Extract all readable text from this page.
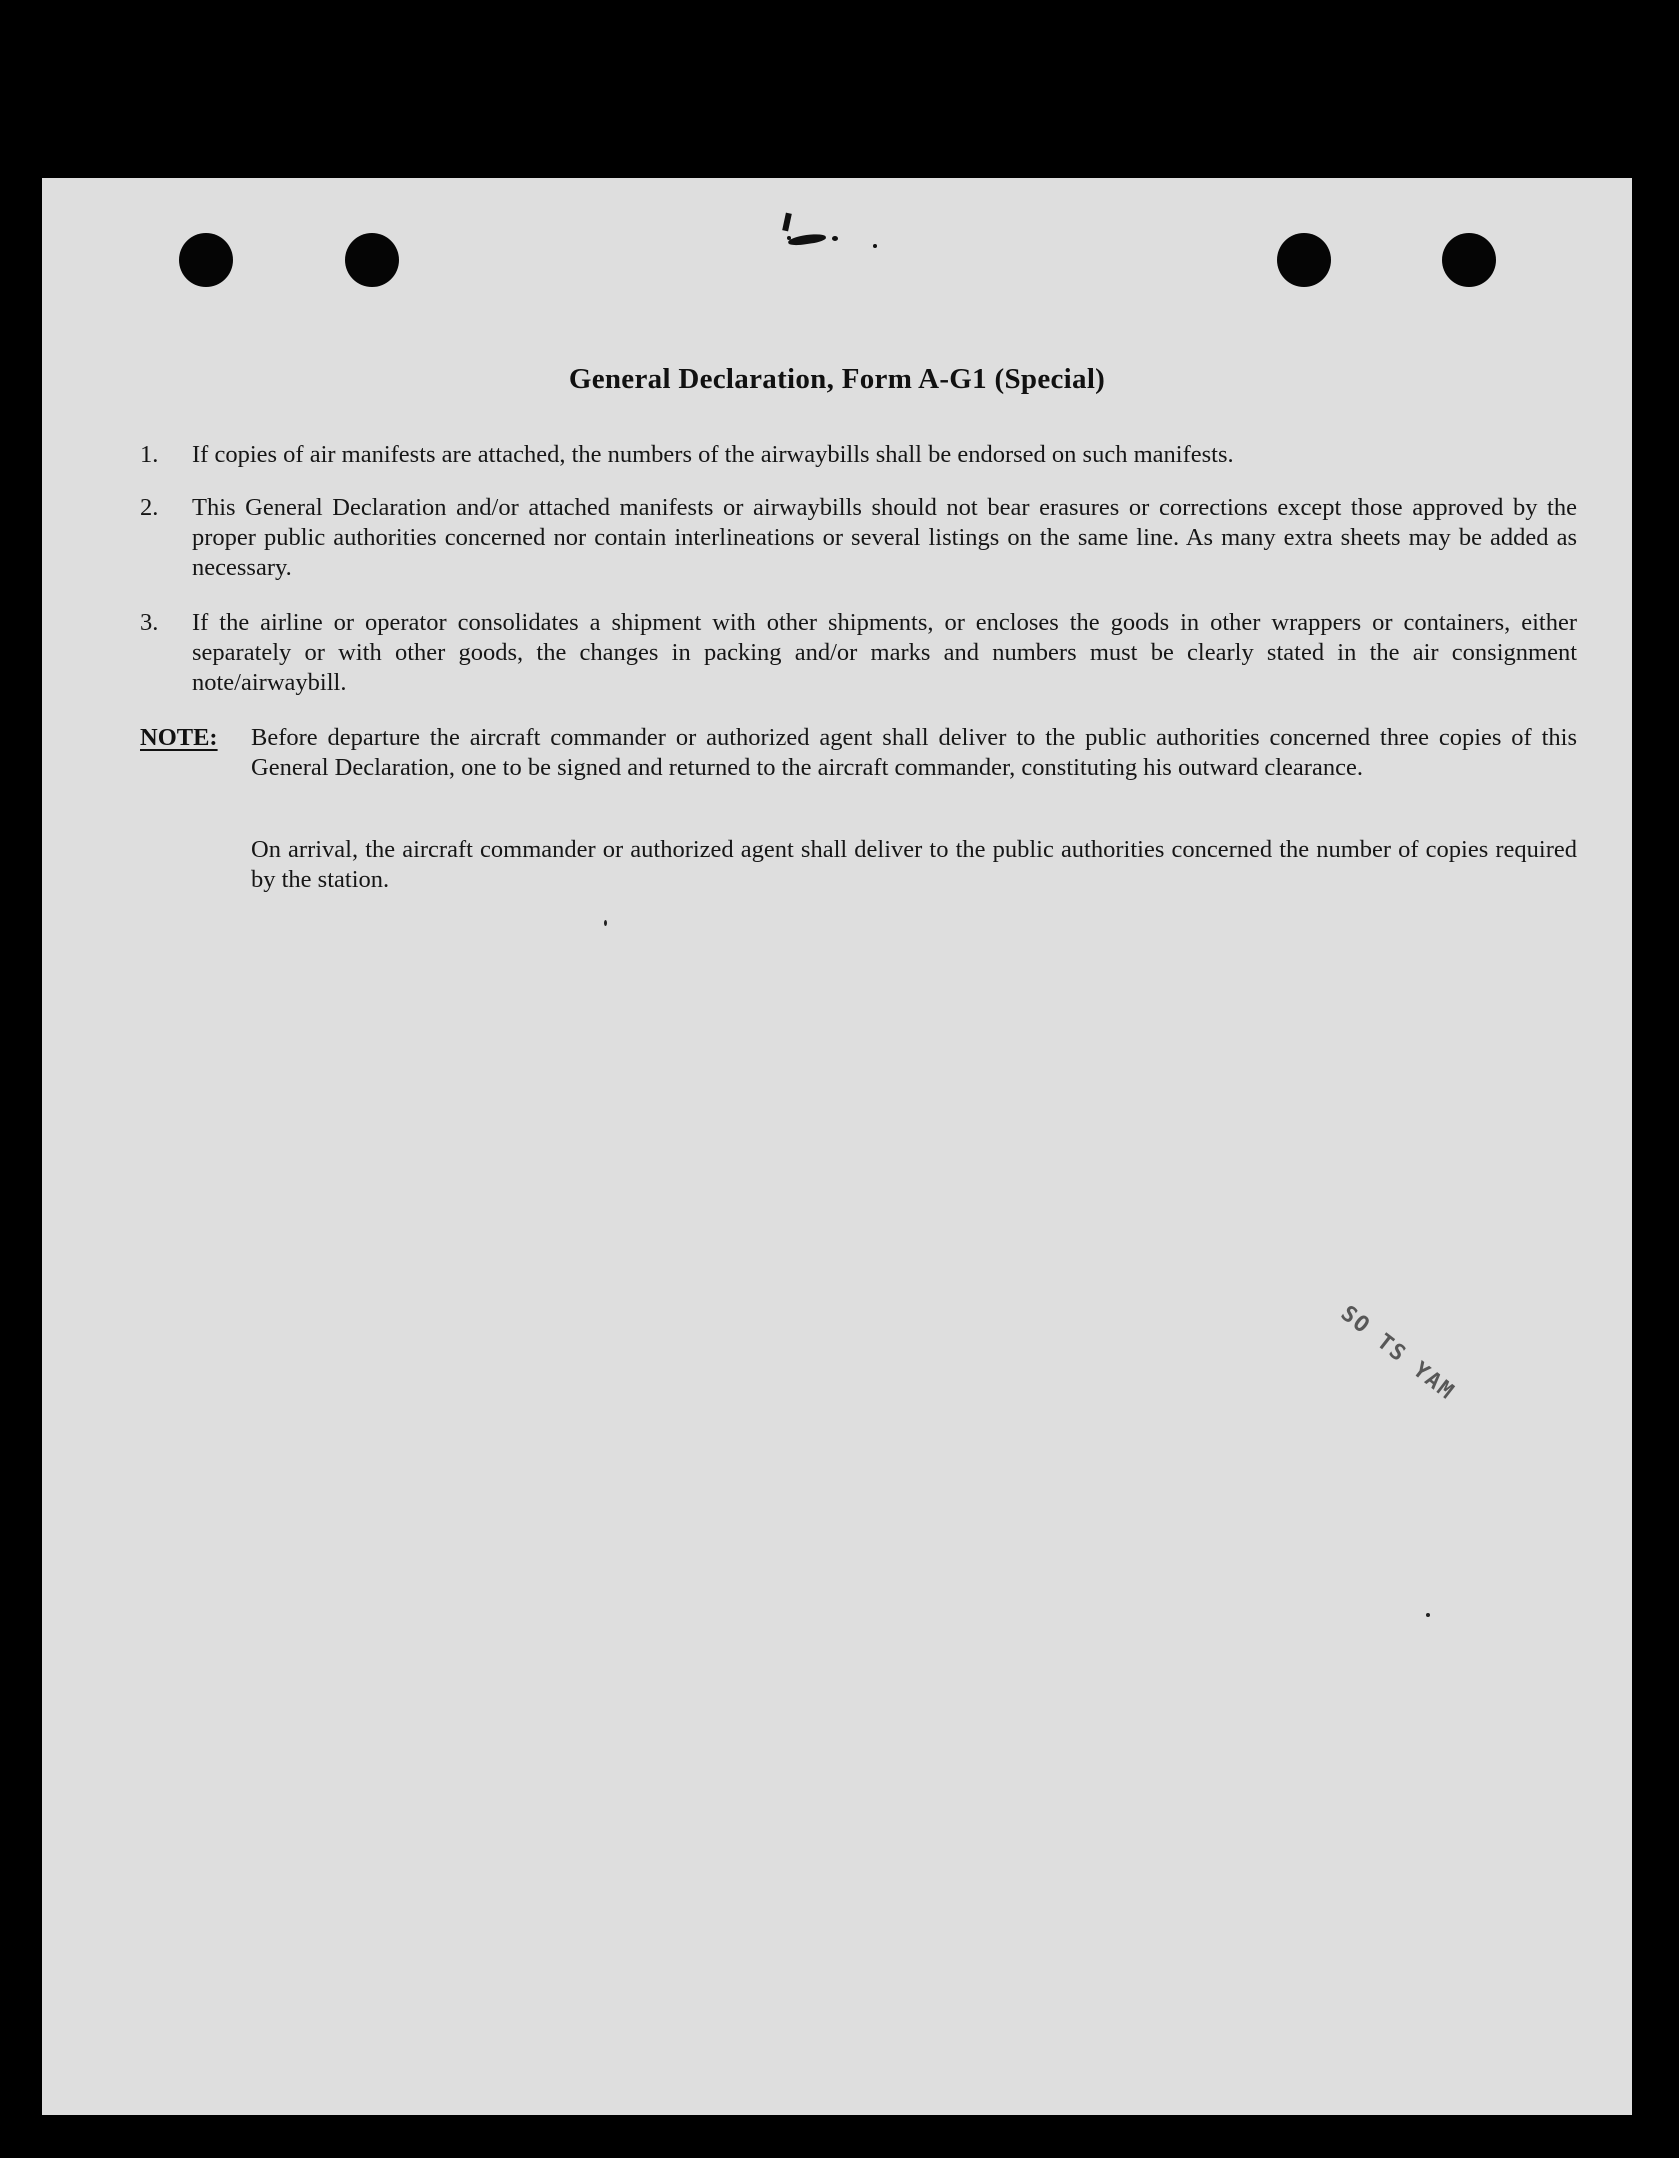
General Declaration, Form A-G1 (Special)
1. If copies of air manifests are attached, the numbers of the airwaybills shall be endorsed on such manifests.
2. This General Declaration and/or attached manifests or airwaybills should not bear erasures or corrections except those approved by the proper public authorities concerned nor contain interlineations or several listings on the same line. As many extra sheets may be added as necessary.
3. If the airline or operator consolidates a shipment with other shipments, or encloses the goods in other wrappers or containers, either separately or with other goods, the changes in packing and/or marks and numbers must be clearly stated in the air consignment note/airwaybill.
NOTE: Before departure the aircraft commander or authorized agent shall deliver to the public authorities concerned three copies of this General Declaration, one to be signed and returned to the aircraft commander, constituting his outward clearance.
On arrival, the aircraft commander or authorized agent shall deliver to the public authorities concerned the number of copies required by the station.
SO TS YAM
